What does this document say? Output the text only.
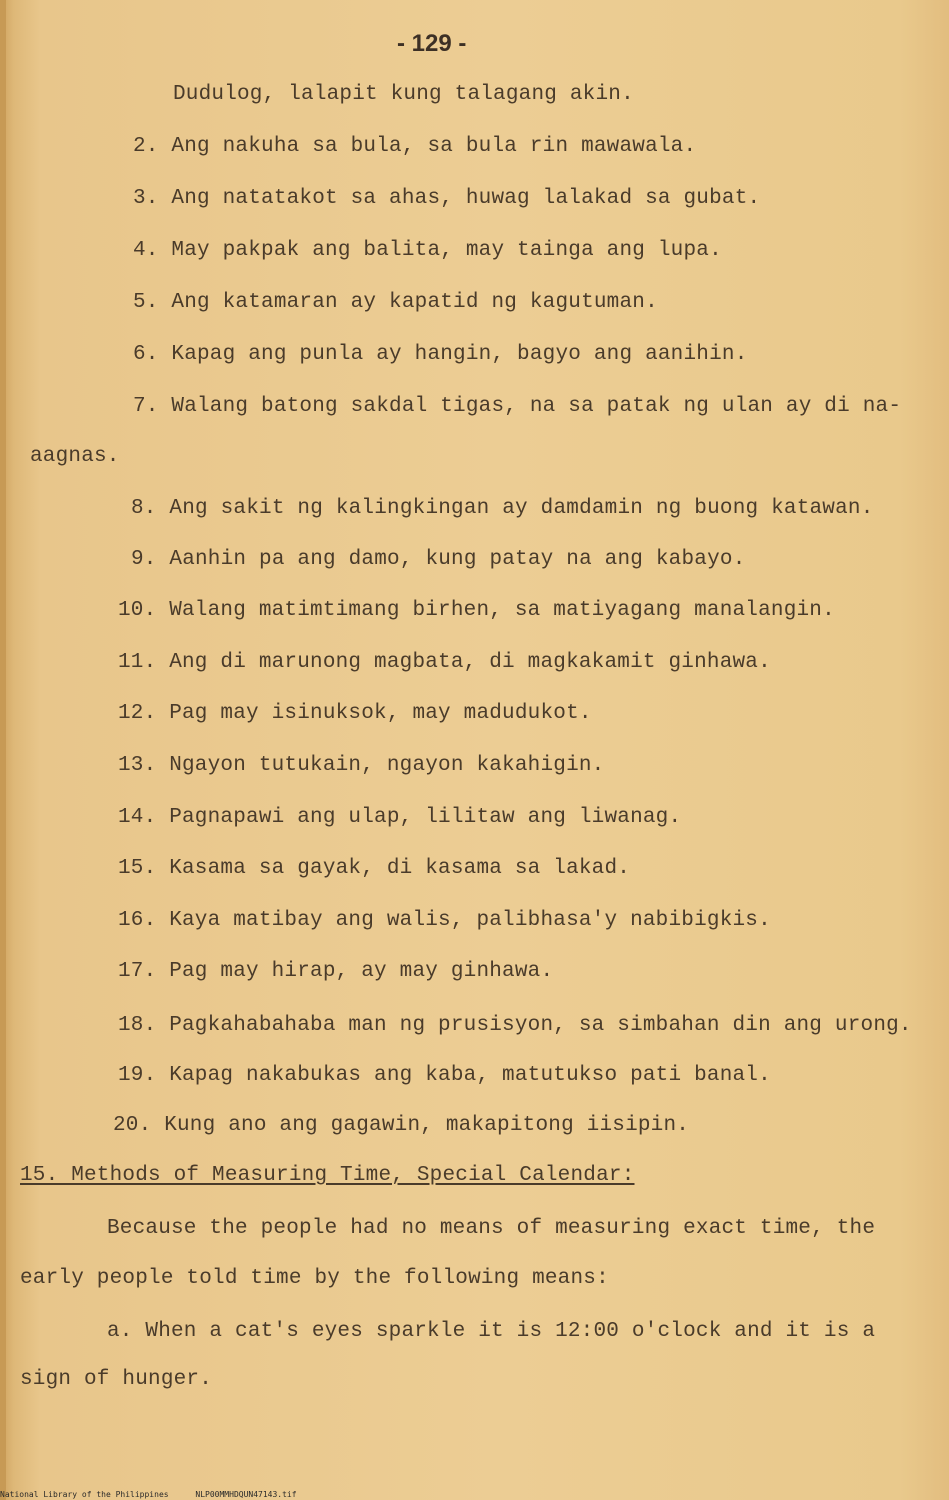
- 129 -
Dudulog, lalapit kung talagang akin.
2. Ang nakuha sa bula, sa bula rin mawawala.
3. Ang natatakot sa ahas, huwag lalakad sa gubat.
4. May pakpak ang balita, may tainga ang lupa.
5. Ang katamaran ay kapatid ng kagutuman.
6. Kapag ang punla ay hangin, bagyo ang aanihin.
7. Walang batong sakdal tigas, na sa patak ng ulan ay di na-
aagnas.
8. Ang sakit ng kalingkingan ay damdamin ng buong katawan.
9. Aanhin pa ang damo, kung patay na ang kabayo.
10. Walang matimtimang birhen, sa matiyagang manalangin.
11. Ang di marunong magbata, di magkakamit ginhawa.
12. Pag may isinuksok, may madudukot.
13. Ngayon tutukain, ngayon kakahigin.
14. Pagnapawi ang ulap, lilitaw ang liwanag.
15. Kasama sa gayak, di kasama sa lakad.
16. Kaya matibay ang walis, palibhasa'y nabibigkis.
17. Pag may hirap, ay may ginhawa.
18. Pagkahabahaba man ng prusisyon, sa simbahan din ang urong.
19. Kapag nakabukas ang kaba, matutukso pati banal.
20. Kung ano ang gagawin, makapitong iisipin.
15. Methods of Measuring Time, Special Calendar:
Because the people had no means of measuring exact time, the
early people told time by the following means:
a. When a cat's eyes sparkle it is 12:00 o'clock and it is a
sign of hunger.
National Library of the Philippines	NLP00MMHDQUN47143.tif
